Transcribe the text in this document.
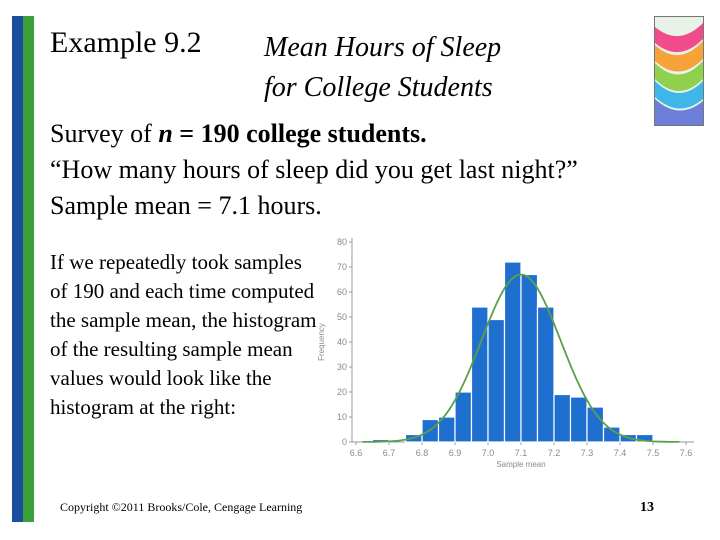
Example 9.2 Mean Hours of Sleep
for College Students
Survey of n = 190 college students.
“How many hours of sleep did you get last night?”
Sample mean = 7.1 hours.
If we repeatedly took samples of 190 and each time computed the sample mean, the histogram of the resulting sample mean values would look like the histogram at the right:
0
10
20
30
40
50
60
70
80
6.6 6.7 6.8 6.9 7.0 7.1 7.2 7.3 7.4 7.5 7.6
Sample mean
Frequency
Copyright ©2011 Brooks/Cole, Cengage Learning	13
